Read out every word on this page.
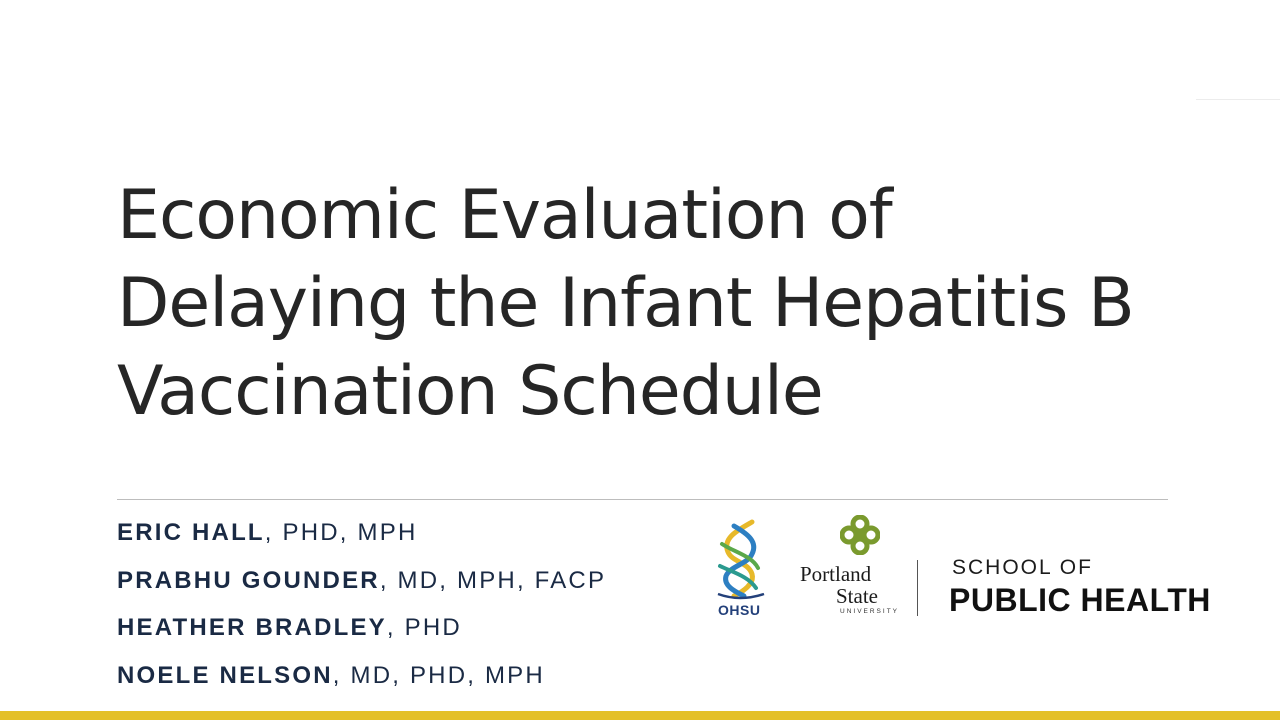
Economic Evaluation of
Delaying the Infant Hepatitis B
Vaccination Schedule
ERIC HALL, PHD, MPH
PRABHU GOUNDER, MD, MPH, FACP
HEATHER BRADLEY, PHD
NOELE NELSON, MD, PHD, MPH
OHSU
Portland
State
UNIVERSITY
SCHOOL OF
PUBLIC HEALTH
